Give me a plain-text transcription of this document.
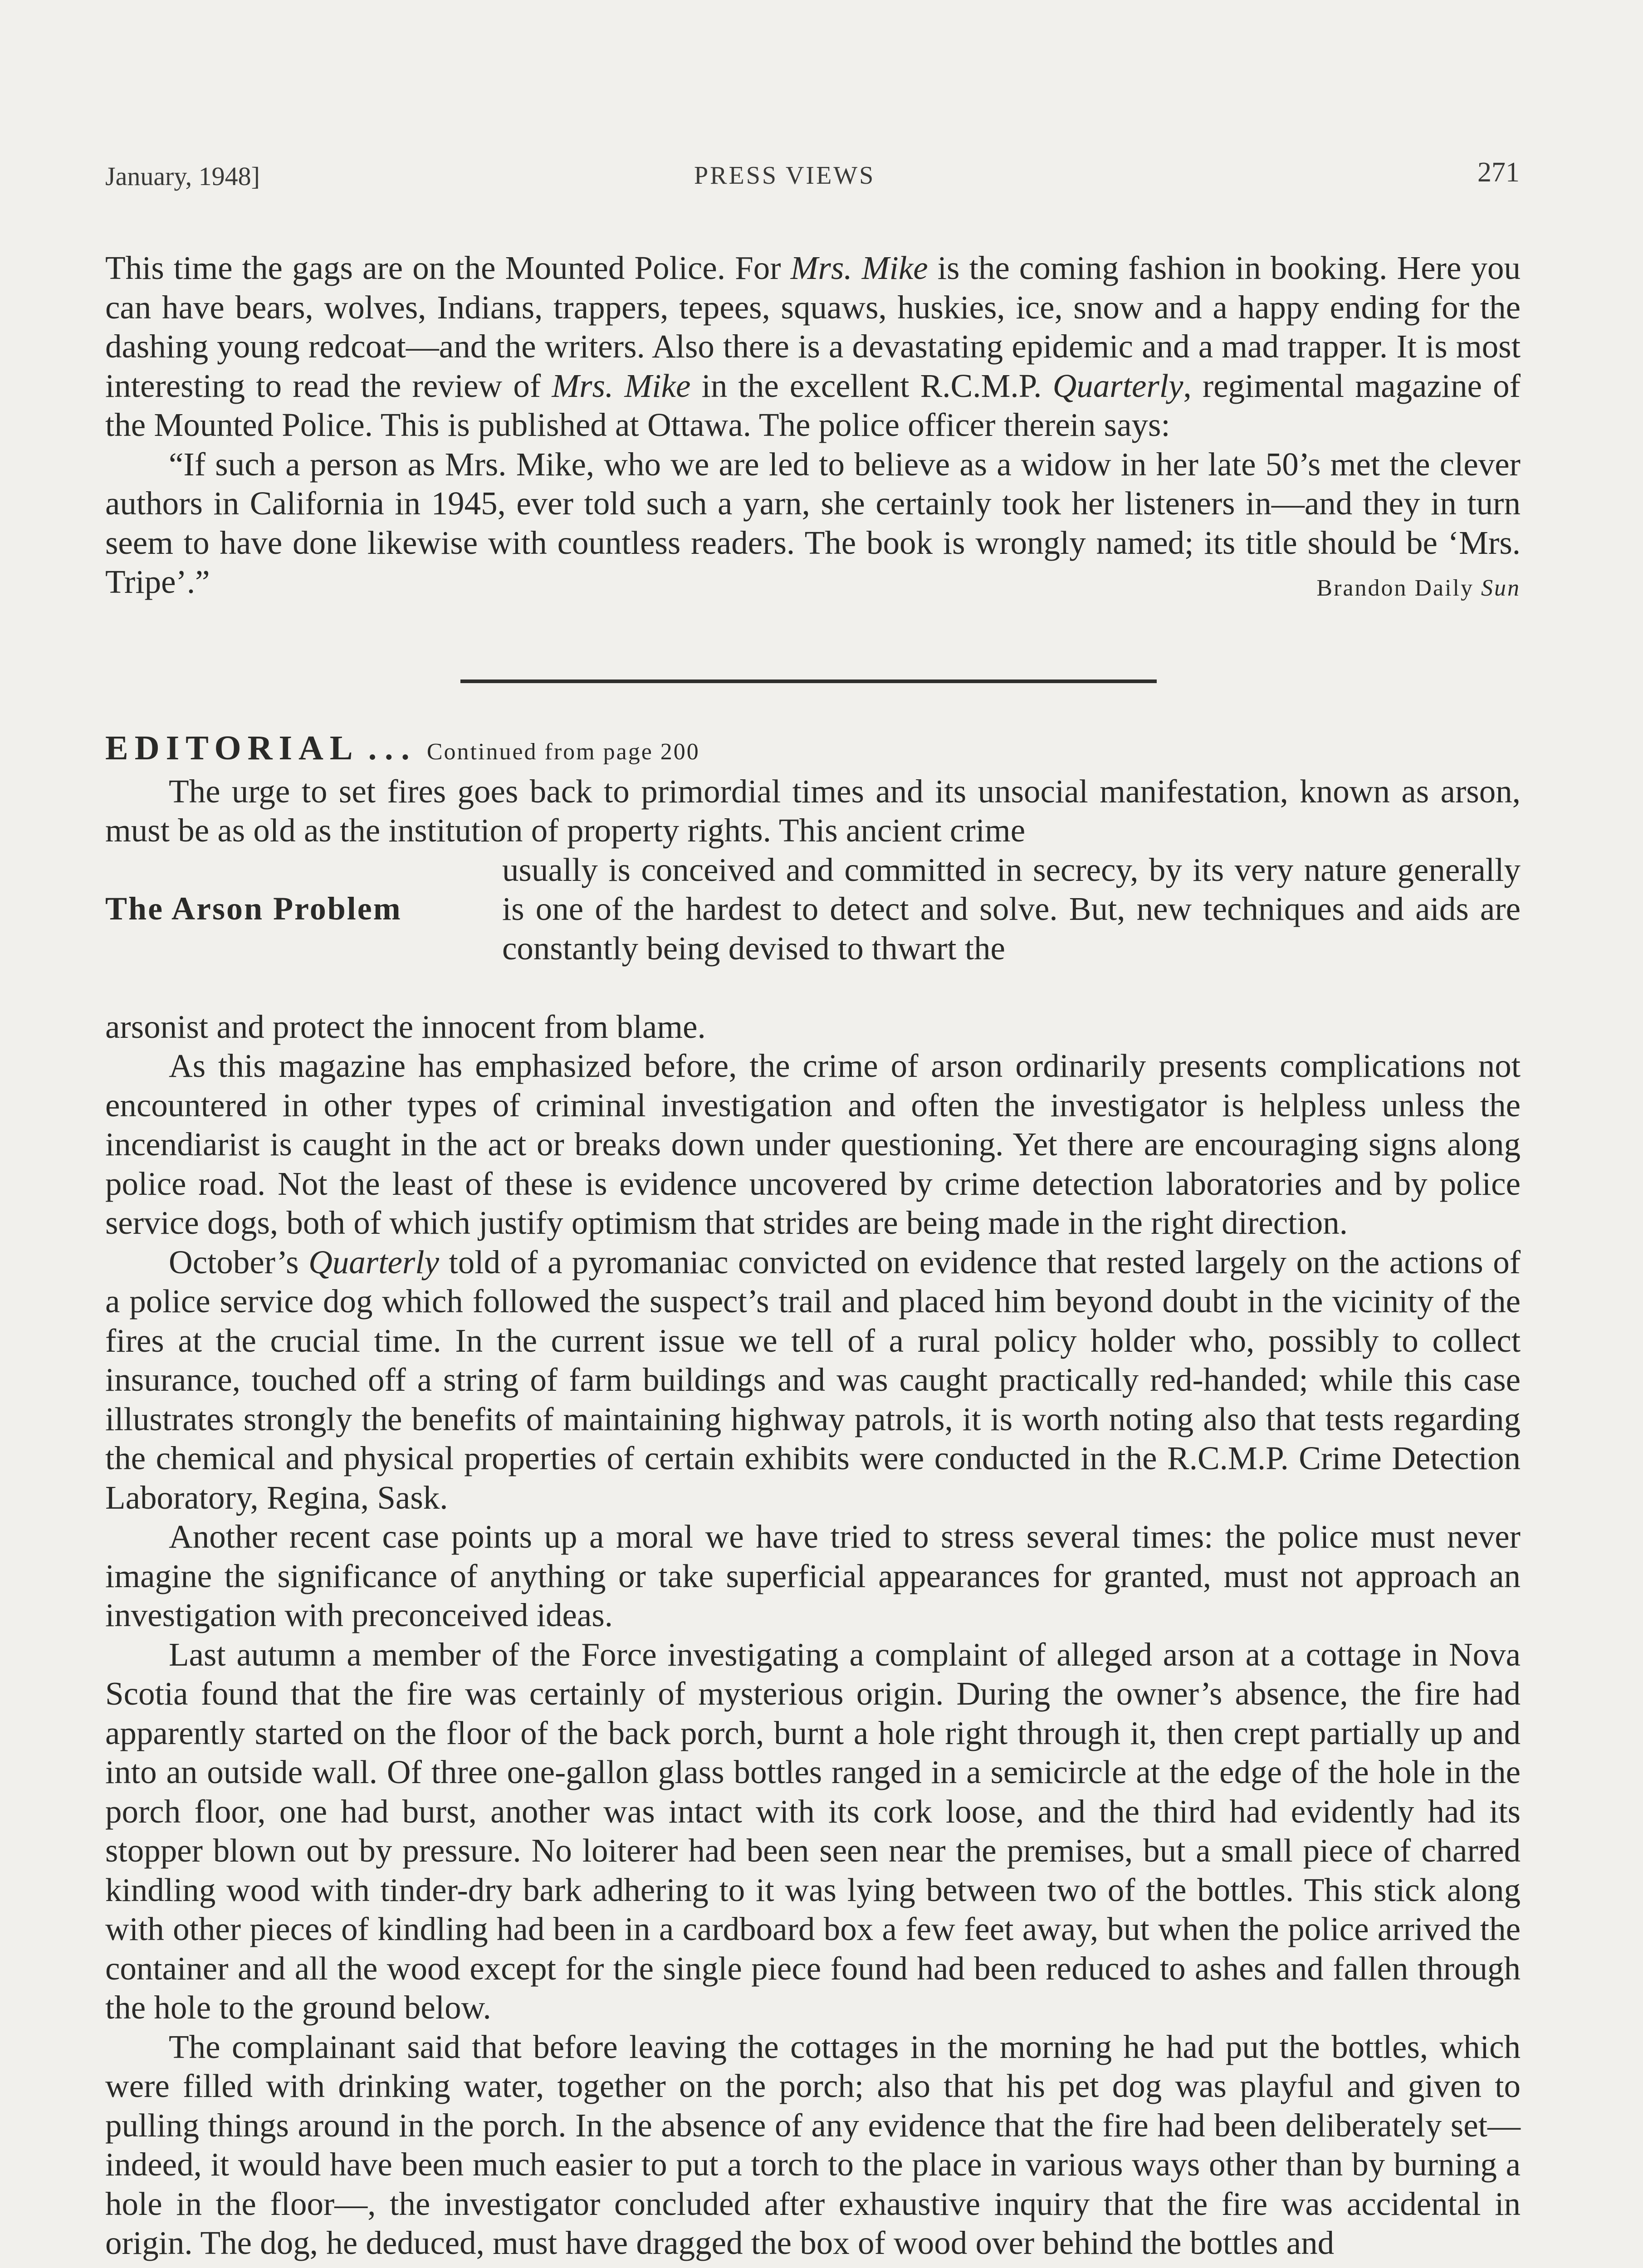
January, 1948]	PRESS VIEWS	271

This time the gags are on the Mounted Police. For Mrs. Mike is the coming fashion in booking. Here you can have bears, wolves, Indians, trappers, tepees, squaws, huskies, ice, snow and a happy ending for the dashing young redcoat—and the writers. Also there is a devastating epidemic and a mad trapper. It is most interesting to read the review of Mrs. Mike in the excellent R.C.M.P. Quarterly, regimental magazine of the Mounted Police. This is published at Ottawa. The police officer therein says:

“If such a person as Mrs. Mike, who we are led to believe as a widow in her late 50’s met the clever authors in California in 1945, ever told such a yarn, she certainly took her listeners in—and they in turn seem to have done likewise with countless readers. The book is wrongly named; its title should be ‘Mrs. Tripe’.”	Brandon Daily Sun

EDITORIAL ... Continued from page 200

The urge to set fires goes back to primordial times and its unsocial manifestation, known as arson, must be as old as the institution of property rights. This ancient crime

The Arson Problem
usually is conceived and committed in secrecy, by its very nature generally is one of the hardest to detect and solve. But, new techniques and aids are constantly being devised to thwart the

arsonist and protect the innocent from blame.

As this magazine has emphasized before, the crime of arson ordinarily presents complications not encountered in other types of criminal investigation and often the investigator is helpless unless the incendiarist is caught in the act or breaks down under questioning. Yet there are encouraging signs along police road. Not the least of these is evidence uncovered by crime detection laboratories and by police service dogs, both of which justify optimism that strides are being made in the right direction.

October’s Quarterly told of a pyromaniac convicted on evidence that rested largely on the actions of a police service dog which followed the suspect’s trail and placed him beyond doubt in the vicinity of the fires at the crucial time. In the current issue we tell of a rural policy holder who, possibly to collect insurance, touched off a string of farm buildings and was caught practically red-handed; while this case illustrates strongly the benefits of maintaining highway patrols, it is worth noting also that tests regarding the chemical and physical properties of certain exhibits were conducted in the R.C.M.P. Crime Detection Laboratory, Regina, Sask.

Another recent case points up a moral we have tried to stress several times: the police must never imagine the significance of anything or take superficial appearances for granted, must not approach an investigation with preconceived ideas.

Last autumn a member of the Force investigating a complaint of alleged arson at a cottage in Nova Scotia found that the fire was certainly of mysterious origin. During the owner’s absence, the fire had apparently started on the floor of the back porch, burnt a hole right through it, then crept partially up and into an outside wall. Of three one-gallon glass bottles ranged in a semicircle at the edge of the hole in the porch floor, one had burst, another was intact with its cork loose, and the third had evidently had its stopper blown out by pressure. No loiterer had been seen near the premises, but a small piece of charred kindling wood with tinder-dry bark adhering to it was lying between two of the bottles. This stick along with other pieces of kindling had been in a cardboard box a few feet away, but when the police arrived the container and all the wood except for the single piece found had been reduced to ashes and fallen through the hole to the ground below.

The complainant said that before leaving the cottages in the morning he had put the bottles, which were filled with drinking water, together on the porch; also that his pet dog was playful and given to pulling things around in the porch. In the absence of any evidence that the fire had been deliberately set—indeed, it would have been much easier to put a torch to the place in various ways other than by burning a hole in the floor—, the investigator concluded after exhaustive inquiry that the fire was accidental in origin. The dog, he deduced, must have dragged the box of wood over behind the bottles and
